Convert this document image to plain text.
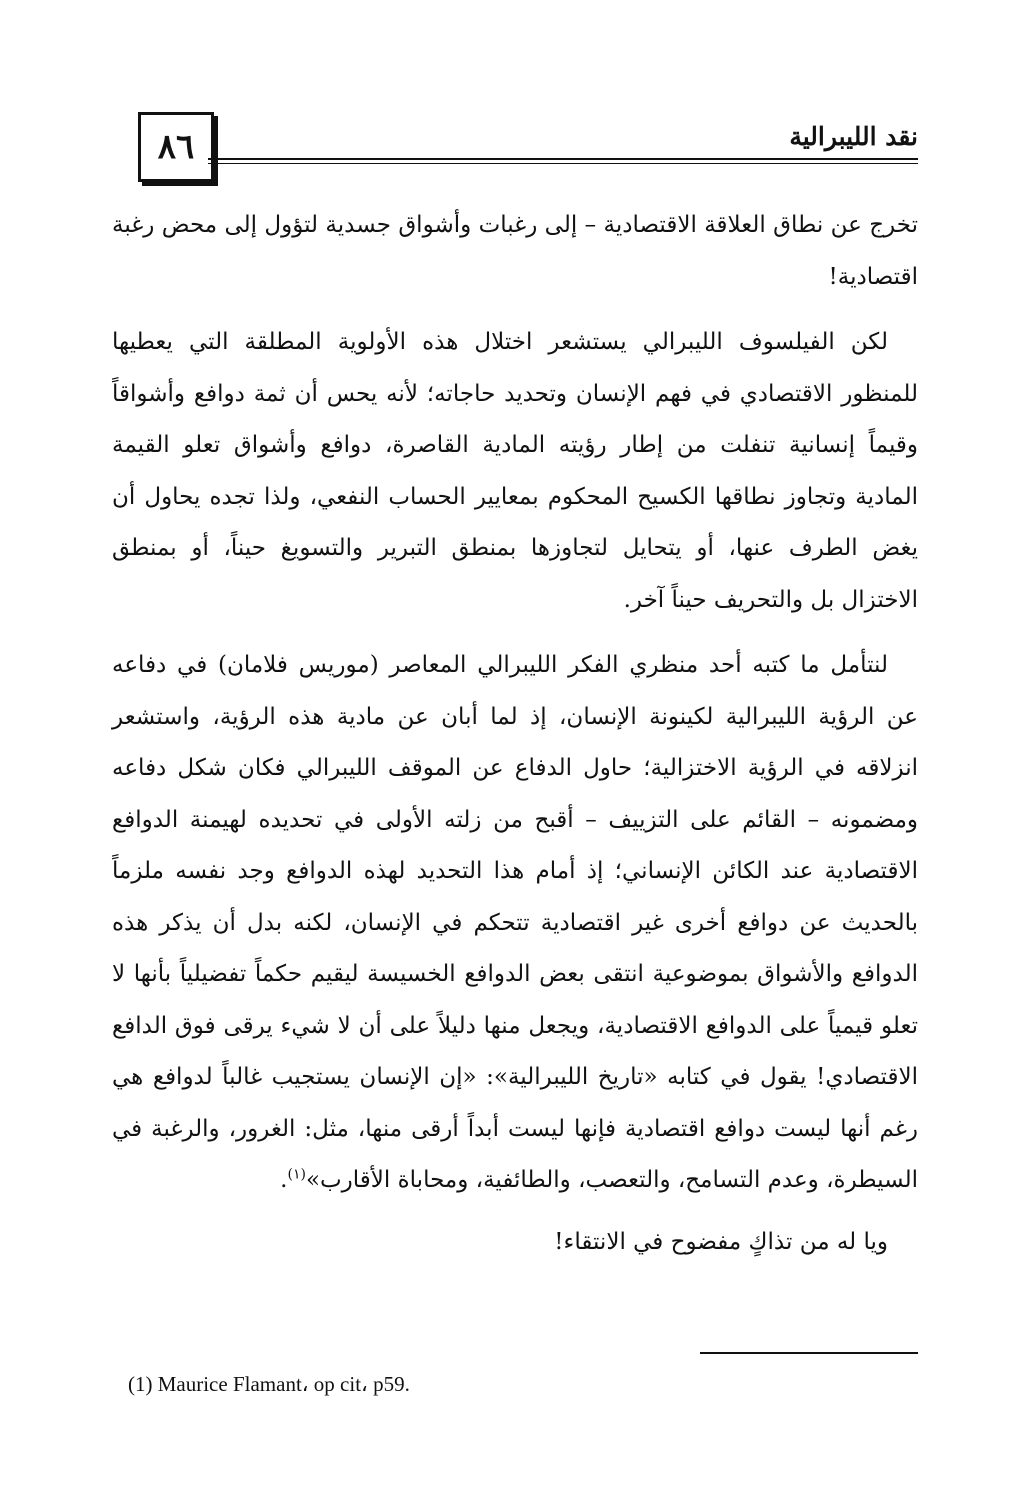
٨٦	نقد الليبرالية

تخرج عن نطاق العلاقة الاقتصادية – إلى رغبات وأشواق جسدية لتؤول إلى محض رغبة اقتصادية!

لكن الفيلسوف الليبرالي يستشعر اختلال هذه الأولوية المطلقة التي يعطيها للمنظور الاقتصادي في فهم الإنسان وتحديد حاجاته؛ لأنه يحس أن ثمة دوافع وأشواقاً وقيماً إنسانية تنفلت من إطار رؤيته المادية القاصرة، دوافع وأشواق تعلو القيمة المادية وتجاوز نطاقها الكسيح المحكوم بمعايير الحساب النفعي، ولذا تجده يحاول أن يغض الطرف عنها، أو يتحايل لتجاوزها بمنطق التبرير والتسويغ حيناً، أو بمنطق الاختزال بل والتحريف حيناً آخر.

لنتأمل ما كتبه أحد منظري الفكر الليبرالي المعاصر (موريس فلامان) في دفاعه عن الرؤية الليبرالية لكينونة الإنسان، إذ لما أبان عن مادية هذه الرؤية، واستشعر انزلاقه في الرؤية الاختزالية؛ حاول الدفاع عن الموقف الليبرالي فكان شكل دفاعه ومضمونه – القائم على التزييف – أقبح من زلته الأولى في تحديده لهيمنة الدوافع الاقتصادية عند الكائن الإنساني؛ إذ أمام هذا التحديد لهذه الدوافع وجد نفسه ملزماً بالحديث عن دوافع أخرى غير اقتصادية تتحكم في الإنسان، لكنه بدل أن يذكر هذه الدوافع والأشواق بموضوعية انتقى بعض الدوافع الخسيسة ليقيم حكماً تفضيلياً بأنها لا تعلو قيمياً على الدوافع الاقتصادية، ويجعل منها دليلاً على أن لا شيء يرقى فوق الدافع الاقتصادي! يقول في كتابه «تاريخ الليبرالية»: «إن الإنسان يستجيب غالباً لدوافع هي رغم أنها ليست دوافع اقتصادية فإنها ليست أبداً أرقى منها، مثل: الغرور، والرغبة في السيطرة، وعدم التسامح، والتعصب، والطائفية، ومحاباة الأقارب»$^{(١)}$.

ويا له من تذاكٍ مفضوح في الانتقاء!

(1) Maurice Flamant، op cit، p59.
